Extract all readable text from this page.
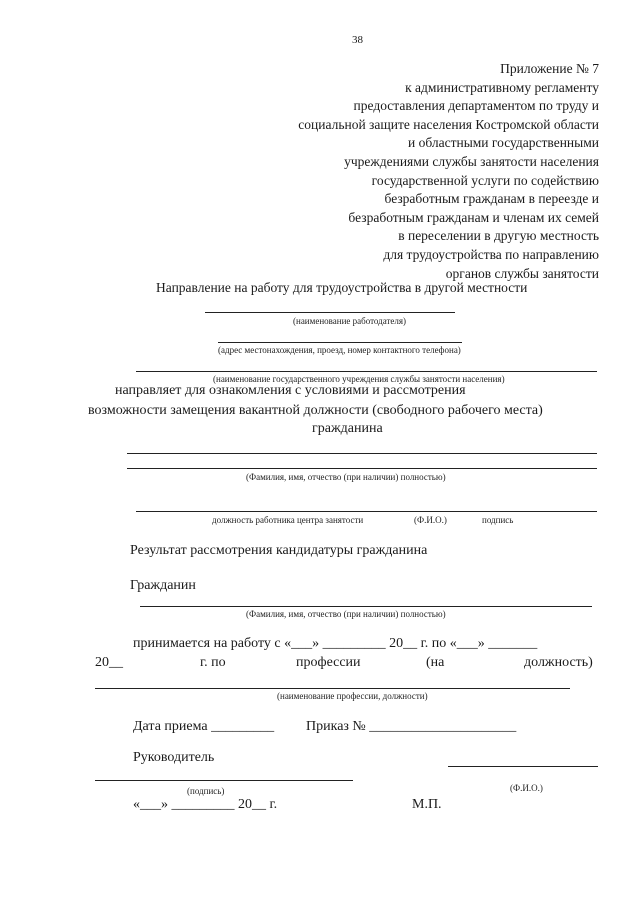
38
Приложение № 7
к административному регламенту
предоставления департаментом по труду и
социальной защите населения Костромской области
и областными государственными
учреждениями службы занятости населения
государственной услуги по содействию
безработным гражданам в переезде и
безработным гражданам и членам их семей
в переселении в другую местность
для трудоустройства по направлению
органов службы занятости
Направление на работу для трудоустройства в другой местности
(наименование работодателя)
(адрес местонахождения, проезд, номер контактного телефона)
(наименование государственного учреждения службы занятости населения)
направляет для ознакомления с условиями и рассмотрения
возможности замещения вакантной должности (свободного рабочего места)
гражданина
(Фамилия, имя, отчество (при наличии) полностью)
должность работника центра занятости	(Ф.И.О.)	подпись
Результат рассмотрения кандидатуры гражданина
Гражданин
(Фамилия, имя, отчество (при наличии) полностью)
принимается на работу с «___» _________ 20__ г. по «___» _______
20__	г. по	профессии	(на	должность)
(наименование профессии, должности)
Дата приема _________ Приказ № _____________________
Руководитель
(подпись)	(Ф.И.О.)
«___» _________ 20__ г.	М.П.
